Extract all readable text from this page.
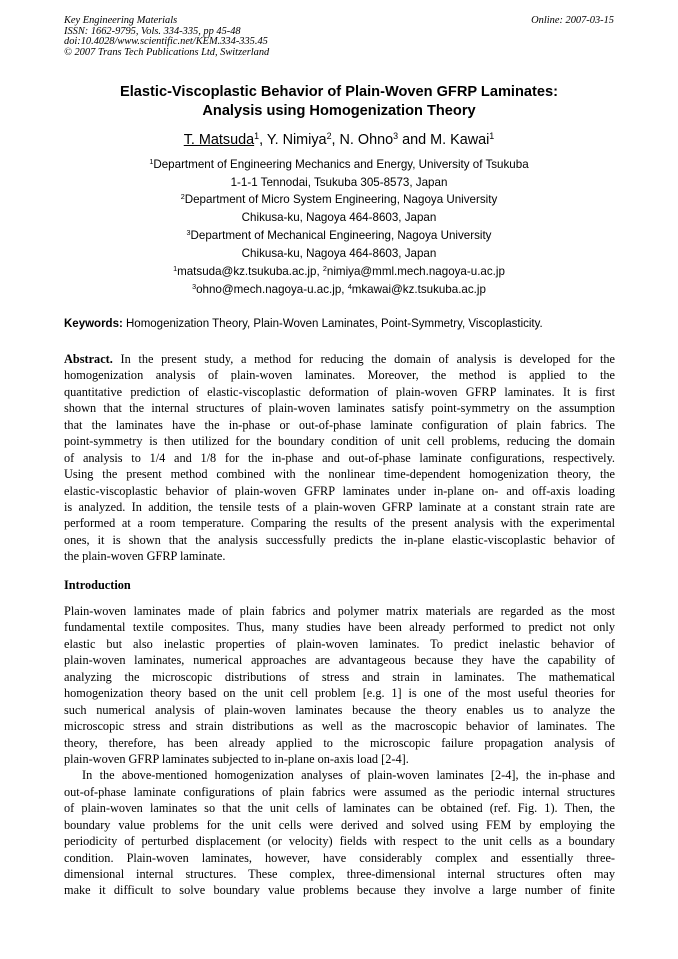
Key Engineering Materials
ISSN: 1662-9795, Vols. 334-335, pp 45-48
doi:10.4028/www.scientific.net/KEM.334-335.45
© 2007 Trans Tech Publications Ltd, Switzerland
Online: 2007-03-15
Elastic-Viscoplastic Behavior of Plain-Woven GFRP Laminates:
Analysis using Homogenization Theory
T. Matsuda$^1$, Y. Nimiya$^2$, N. Ohno$^3$ and M. Kawai$^1$
$^1$Department of Engineering Mechanics and Energy, University of Tsukuba
1-1-1 Tennodai, Tsukuba 305-8573, Japan
$^2$Department of Micro System Engineering, Nagoya University
Chikusa-ku, Nagoya 464-8603, Japan
$^3$Department of Mechanical Engineering, Nagoya University
Chikusa-ku, Nagoya 464-8603, Japan
$^1$matsuda@kz.tsukuba.ac.jp, $^2$nimiya@mml.mech.nagoya-u.ac.jp
$^3$ohno@mech.nagoya-u.ac.jp, $^4$mkawai@kz.tsukuba.ac.jp
Keywords: Homogenization Theory, Plain-Woven Laminates, Point-Symmetry, Viscoplasticity.
Abstract. In the present study, a method for reducing the domain of analysis is developed for the
homogenization analysis of plain-woven laminates. Moreover, the method is applied to the
quantitative prediction of elastic-viscoplastic deformation of plain-woven GFRP laminates. It is first
shown that the internal structures of plain-woven laminates satisfy point-symmetry on the assumption
that the laminates have the in-phase or out-of-phase laminate configuration of plain fabrics. The
point-symmetry is then utilized for the boundary condition of unit cell problems, reducing the domain
of analysis to 1/4 and 1/8 for the in-phase and out-of-phase laminate configurations, respectively.
Using the present method combined with the nonlinear time-dependent homogenization theory, the
elastic-viscoplastic behavior of plain-woven GFRP laminates under in-plane on- and off-axis loading
is analyzed. In addition, the tensile tests of a plain-woven GFRP laminate at a constant strain rate are
performed at a room temperature. Comparing the results of the present analysis with the experimental
ones, it is shown that the analysis successfully predicts the in-plane elastic-viscoplastic behavior of
the plain-woven GFRP laminate.
Introduction
Plain-woven laminates made of plain fabrics and polymer matrix materials are regarded as the most
fundamental textile composites. Thus, many studies have been already performed to predict not only
elastic but also inelastic properties of plain-woven laminates. To predict inelastic behavior of
plain-woven laminates, numerical approaches are advantageous because they have the capability of
analyzing the microscopic distributions of stress and strain in laminates. The mathematical
homogenization theory based on the unit cell problem [e.g. 1] is one of the most useful theories for
such numerical analysis of plain-woven laminates because the theory enables us to analyze the
microscopic stress and strain distributions as well as the macroscopic behavior of laminates. The
theory, therefore, has been already applied to the microscopic failure propagation analysis of
plain-woven GFRP laminates subjected to in-plane on-axis load [2-4].
In the above-mentioned homogenization analyses of plain-woven laminates [2-4], the in-phase and
out-of-phase laminate configurations of plain fabrics were assumed as the periodic internal structures
of plain-woven laminates so that the unit cells of laminates can be obtained (ref. Fig. 1). Then, the
boundary value problems for the unit cells were derived and solved using FEM by employing the
periodicity of perturbed displacement (or velocity) fields with respect to the unit cells as a boundary
condition. Plain-woven laminates, however, have considerably complex and essentially three-
dimensional internal structures. These complex, three-dimensional internal structures often may
make it difficult to solve boundary value problems because they involve a large number of finite
